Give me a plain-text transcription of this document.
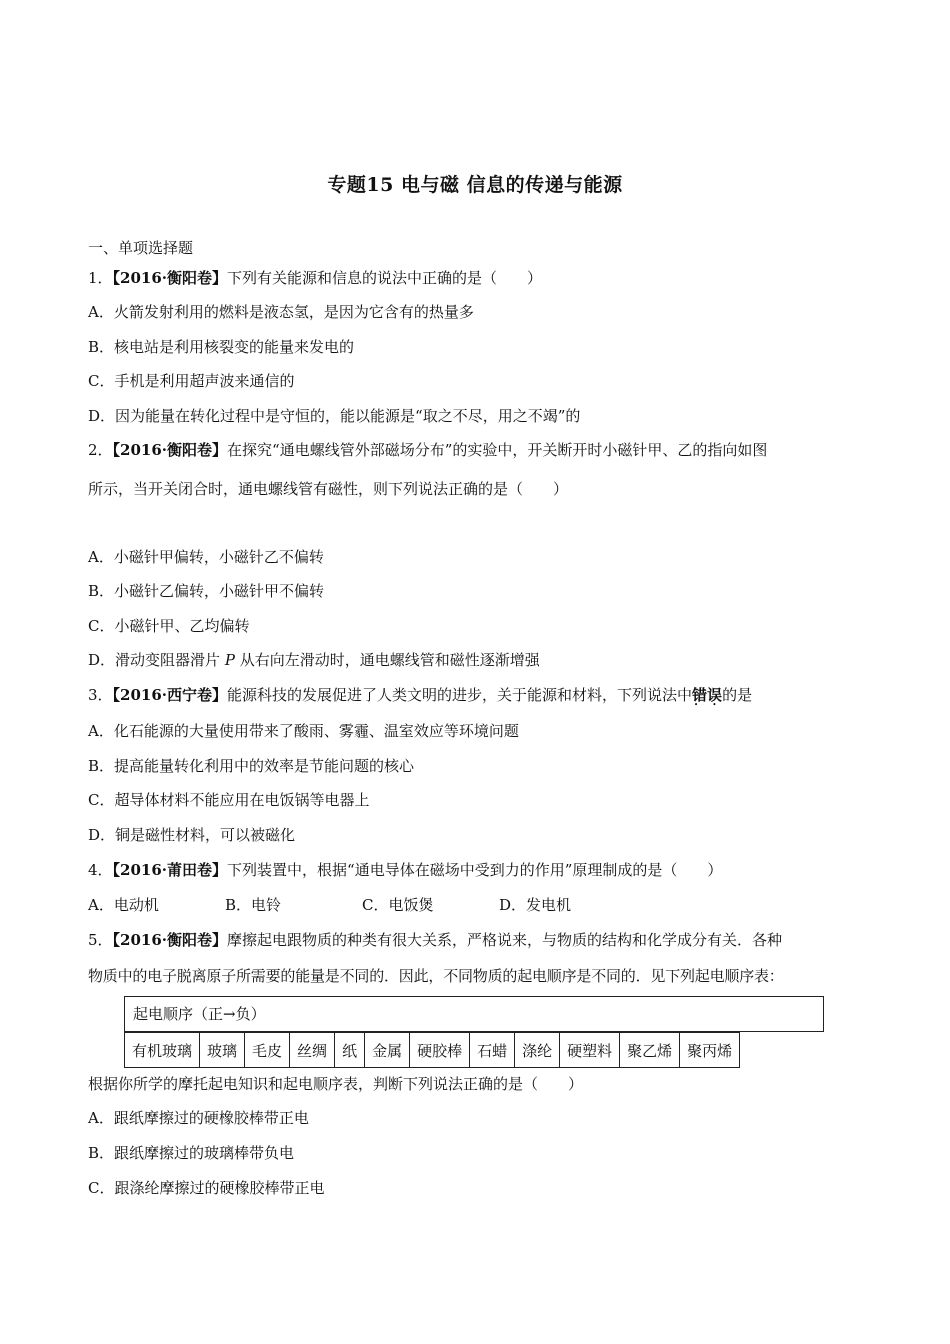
专题15 电与磁 信息的传递与能源
一、单项选择题
1．【2016·衡阳卷】下列有关能源和信息的说法中正确的是（　　）
A．火箭发射利用的燃料是液态氢，是因为它含有的热量多
B．核电站是利用核裂变的能量来发电的
C．手机是利用超声波来通信的
D．因为能量在转化过程中是守恒的，能以能源是“取之不尽，用之不竭”的
2．【2016·衡阳卷】在探究“通电螺线管外部磁场分布”的实验中，开关断开时小磁针甲、乙的指向如图
所示，当开关闭合时，通电螺线管有磁性，则下列说法正确的是（　　）
A．小磁针甲偏转，小磁针乙不偏转
B．小磁针乙偏转，小磁针甲不偏转
C．小磁针甲、乙均偏转
D．滑动变阻器滑片 P 从右向左滑动时，通电螺线管和磁性逐渐增强
3．【2016·西宁卷】能源科技的发展促进了人类文明的进步，关于能源和材料，下列说法中错误 • •的是
A．化石能源的大量使用带来了酸雨、雾霾、温室效应等环境问题
B．提高能量转化利用中的效率是节能问题的核心
C．超导体材料不能应用在电饭锅等电器上
D．铜是磁性材料，可以被磁化
4．【2016·莆田卷】下列装置中，根据“通电导体在磁场中受到力的作用”原理制成的是（　　）
A．电动机	B．电铃	C．电饭煲	D．发电机
5．【2016·衡阳卷】摩擦起电跟物质的种类有很大关系，严格说来，与物质的结构和化学成分有关．各种
物质中的电子脱离原子所需要的能量是不同的．因此，不同物质的起电顺序是不同的．见下列起电顺序表：
起电顺序（正→负）
有机玻璃	玻璃	毛皮	丝绸	纸	金属	硬胶棒	石蜡	涤纶	硬塑料	聚乙烯	聚丙烯
根据你所学的摩托起电知识和起电顺序表，判断下列说法正确的是（　　）
A．跟纸摩擦过的硬橡胶棒带正电
B．跟纸摩擦过的玻璃棒带负电
C．跟涤纶摩擦过的硬橡胶棒带正电
